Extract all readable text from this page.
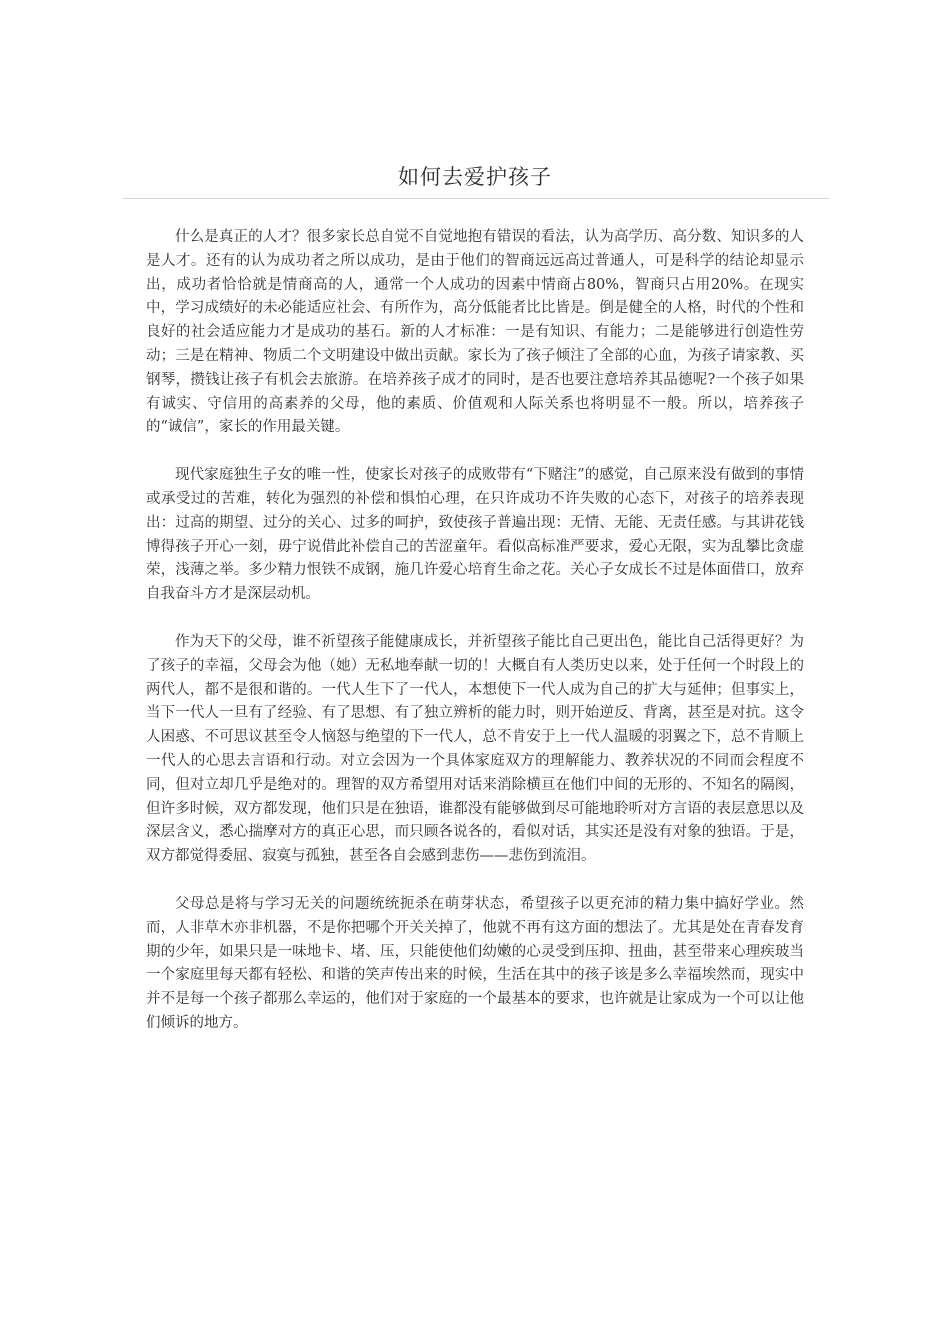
如何去爱护孩子

什么是真正的人才？很多家长总自觉不自觉地抱有错误的看法，认为高学历、高分数、知识多的人是人才。还有的认为成功者之所以成功，是由于他们的智商远远高过普通人，可是科学的结论却显示出，成功者恰恰就是情商高的人，通常一个人成功的因素中情商占80%，智商只占用20%。在现实中，学习成绩好的未必能适应社会、有所作为，高分低能者比比皆是。倒是健全的人格，时代的个性和良好的社会适应能力才是成功的基石。新的人才标准：一是有知识、有能力；二是能够进行创造性劳动；三是在精神、物质二个文明建设中做出贡献。家长为了孩子倾注了全部的心血，为孩子请家教、买钢琴，攒钱让孩子有机会去旅游。在培养孩子成才的同时，是否也要注意培养其品德呢?一个孩子如果有诚实、守信用的高素养的父母，他的素质、价值观和人际关系也将明显不一般。所以，培养孩子的“诚信”，家长的作用最关键。

现代家庭独生子女的唯一性，使家长对孩子的成败带有“下赌注”的感觉，自己原来没有做到的事情或承受过的苦难，转化为强烈的补偿和惧怕心理，在只许成功不许失败的心态下，对孩子的培养表现出：过高的期望、过分的关心、过多的呵护，致使孩子普遍出现：无情、无能、无责任感。与其讲花钱博得孩子开心一刻，毋宁说借此补偿自己的苦涩童年。看似高标准严要求，爱心无限，实为乱攀比贪虚荣，浅薄之举。多少精力恨铁不成钢，施几许爱心培育生命之花。关心子女成长不过是体面借口，放弃自我奋斗方才是深层动机。

作为天下的父母，谁不祈望孩子能健康成长，并祈望孩子能比自己更出色，能比自己活得更好？为了孩子的幸福，父母会为他（她）无私地奉献一切的！大概自有人类历史以来，处于任何一个时段上的两代人，都不是很和谐的。一代人生下了一代人，本想使下一代人成为自己的扩大与延伸；但事实上，当下一代人一旦有了经验、有了思想、有了独立辨析的能力时，则开始逆反、背离，甚至是对抗。这令人困惑、不可思议甚至令人恼怒与绝望的下一代人，总不肯安于上一代人温暖的羽翼之下，总不肯顺上一代人的心思去言语和行动。对立会因为一个具体家庭双方的理解能力、教养状况的不同而会程度不同，但对立却几乎是绝对的。理智的双方希望用对话来消除横亘在他们中间的无形的、不知名的隔阂，但许多时候，双方都发现，他们只是在独语，谁都没有能够做到尽可能地聆听对方言语的表层意思以及深层含义，悉心揣摩对方的真正心思，而只顾各说各的，看似对话，其实还是没有对象的独语。于是，双方都觉得委屈、寂寞与孤独，甚至各自会感到悲伤——悲伤到流泪。

父母总是将与学习无关的问题统统扼杀在萌芽状态，希望孩子以更充沛的精力集中搞好学业。然而，人非草木亦非机器，不是你把哪个开关关掉了，他就不再有这方面的想法了。尤其是处在青春发育期的少年，如果只是一味地卡、堵、压，只能使他们幼嫩的心灵受到压抑、扭曲，甚至带来心理疾玻当一个家庭里每天都有轻松、和谐的笑声传出来的时候，生活在其中的孩子该是多么幸福埃然而，现实中并不是每一个孩子都那么幸运的，他们对于家庭的一个最基本的要求，也许就是让家成为一个可以让他们倾诉的地方。
